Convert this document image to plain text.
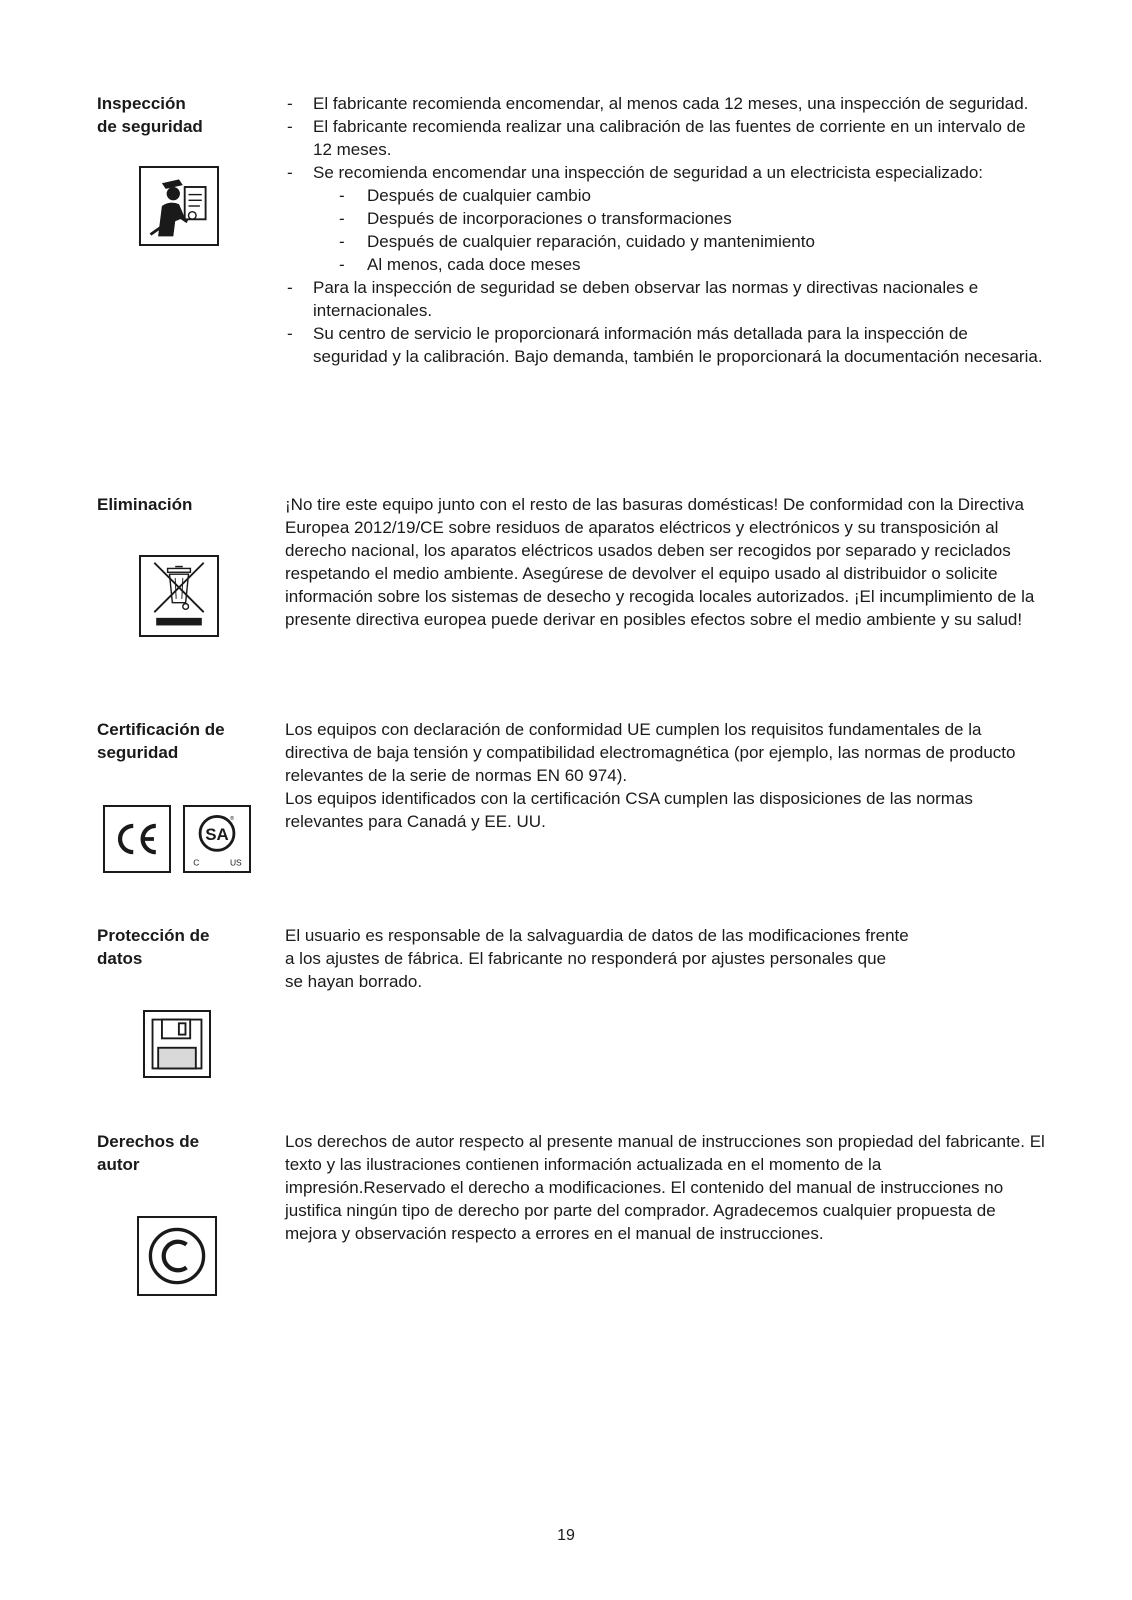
Inspección
de seguridad
- El fabricante recomienda encomendar, al menos cada 12 meses, una inspección de seguridad.
- El fabricante recomienda realizar una calibración de las fuentes de corriente en un intervalo de 12 meses.
- Se recomienda encomendar una inspección de seguridad a un electricista especializado:
- Después de cualquier cambio
- Después de incorporaciones o transformaciones
- Después de cualquier reparación, cuidado y mantenimiento
- Al menos, cada doce meses
- Para la inspección de seguridad se deben observar las normas y directivas nacionales e internacionales.
- Su centro de servicio le proporcionará información más detallada para la inspección de seguridad y la calibración. Bajo demanda, también le proporcionará la documentación necesaria.
Eliminación	¡No tire este equipo junto con el resto de las basuras domésticas! De conformidad con la Directiva Europea 2012/19/CE sobre residuos de aparatos eléctricos y electrónicos y su transposición al derecho nacional, los aparatos eléctricos usados deben ser recogidos por separado y reciclados respetando el medio ambiente. Asegúrese de devolver el equipo usado al distribuidor o solicite información sobre los sistemas de desecho y recogida locales autorizados. ¡El incumplimiento de la presente directiva europea puede derivar en posibles efectos sobre el medio ambiente y su salud!

Certificación de
seguridad
SA
®
C	US

Los equipos con declaración de conformidad UE cumplen los requisitos fundamentales de la directiva de baja tensión y compatibilidad electromagnética (por ejemplo, las normas de producto relevantes de la serie de normas EN 60 974).

Los equipos identificados con la certificación CSA cumplen las disposiciones de las normas relevantes para Canadá y EE. UU.

Protección de
datos

El usuario es responsable de la salvaguardia de datos de las modificaciones frente

a los ajustes de fábrica. El fabricante no responderá por ajustes personales que

se hayan borrado.

Derechos de
autor

Los derechos de autor respecto al presente manual de instrucciones son propiedad del fabricante. El texto y las ilustraciones contienen información actualizada en el momento de la impresión.Reservado el derecho a modificaciones. El contenido del manual de instrucciones no justifica ningún tipo de derecho por parte del comprador. Agradecemos cualquier propuesta de mejora y observación respecto a errores en el manual de instrucciones.

19
